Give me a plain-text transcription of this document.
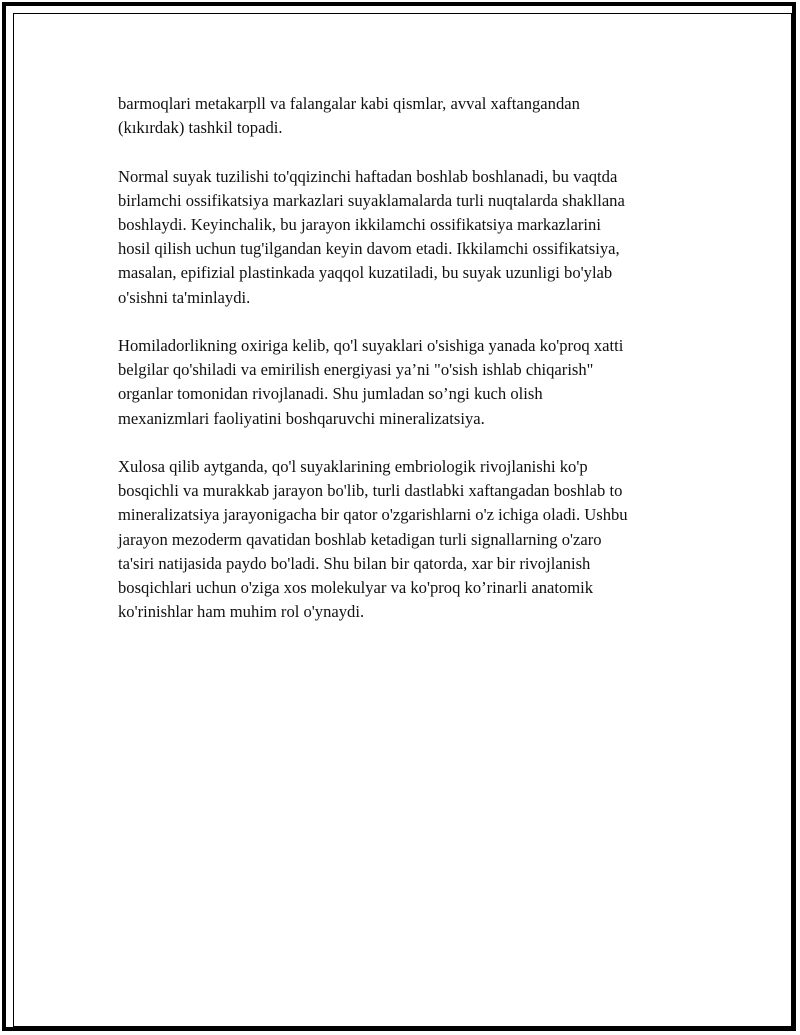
barmoqlari metakarpll va falangalar kabi qismlar, avval xaftangandan
(kıkırdak) tashkil topadi.

Normal suyak tuzilishi to'qqizinchi haftadan boshlab boshlanadi, bu vaqtda
birlamchi ossifikatsiya markazlari suyaklamalarda turli nuqtalarda shakllana
boshlaydi. Keyinchalik, bu jarayon ikkilamchi ossifikatsiya markazlarini
hosil qilish uchun tug'ilgandan keyin davom etadi. Ikkilamchi ossifikatsiya,
masalan, epifizial plastinkada yaqqol kuzatiladi, bu suyak uzunligi bo'ylab
o'sishni ta'minlaydi.

Homiladorlikning oxiriga kelib, qo'l suyaklari o'sishiga yanada ko'proq xatti
belgilar qo'shiladi va emirilish energiyasi ya’ni "o'sish ishlab chiqarish"
organlar tomonidan rivojlanadi. Shu jumladan so’ngi kuch olish
mexanizmlari faoliyatini boshqaruvchi mineralizatsiya.

Xulosa qilib aytganda, qo'l suyaklarining embriologik rivojlanishi ko'p
bosqichli va murakkab jarayon bo'lib, turli dastlabki xaftangadan boshlab to
mineralizatsiya jarayonigacha bir qator o'zgarishlarni o'z ichiga oladi. Ushbu
jarayon mezoderm qavatidan boshlab ketadigan turli signallarning o'zaro
ta'siri natijasida paydo bo'ladi. Shu bilan bir qatorda, xar bir rivojlanish
bosqichlari uchun o'ziga xos molekulyar va ko'proq ko’rinarli anatomik
ko'rinishlar ham muhim rol o'ynaydi.
